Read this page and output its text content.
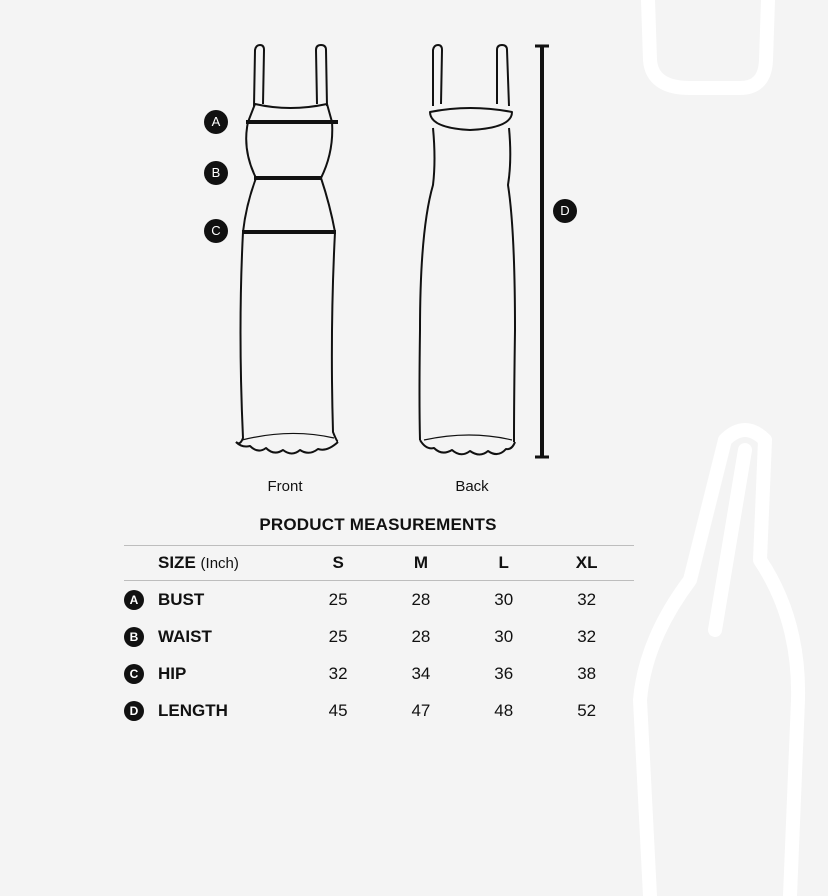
A
B
C
D
Front	Back
PRODUCT MEASUREMENTS
SIZE (Inch)	S	M	L	XL
A BUST	25	28	30	32
B WAIST	25	28	30	32
C HIP	32	34	36	38
D LENGTH	45	47	48	52
